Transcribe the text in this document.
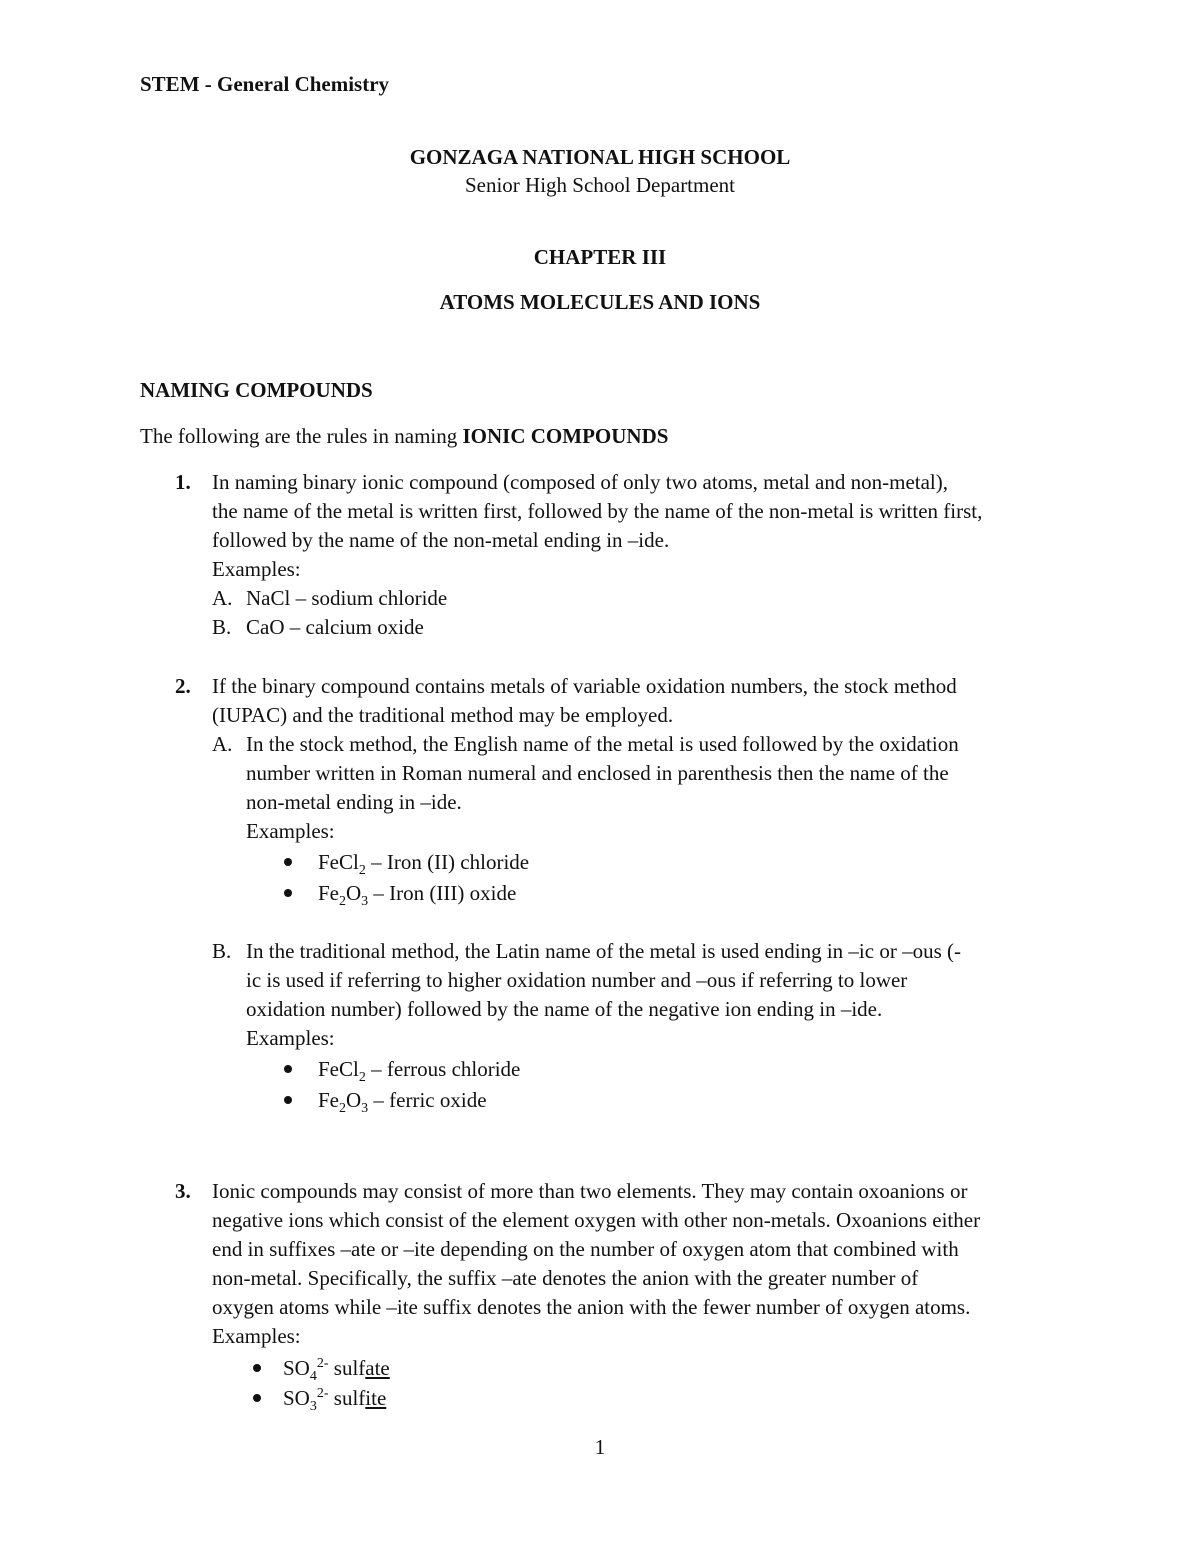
STEM - General Chemistry
GONZAGA NATIONAL HIGH SCHOOL
Senior High School Department
CHAPTER III
ATOMS MOLECULES AND IONS
NAMING COMPOUNDS
The following are the rules in naming IONIC COMPOUNDS
1. In naming binary ionic compound (composed of only two atoms, metal and non-metal),
the name of the metal is written first, followed by the name of the non-metal is written first,
followed by the name of the non-metal ending in –ide.
Examples:
A. NaCl – sodium chloride
B. CaO – calcium oxide
2. If the binary compound contains metals of variable oxidation numbers, the stock method
(IUPAC) and the traditional method may be employed.
A. In the stock method, the English name of the metal is used followed by the oxidation
number written in Roman numeral and enclosed in parenthesis then the name of the
non-metal ending in –ide.
Examples:
FeCl$_2$ – Iron (II) chloride
$Fe_2O_3$ – Iron (III) oxide
B. In the traditional method, the Latin name of the metal is used ending in –ic or –ous (-
ic is used if referring to higher oxidation number and –ous if referring to lower
oxidation number) followed by the name of the negative ion ending in –ide.
Examples:
FeCl$_2$ – ferrous chloride
$Fe_2O_3$ – ferric oxide
3. Ionic compounds may consist of more than two elements. They may contain oxoanions or
negative ions which consist of the element oxygen with other non-metals. Oxoanions either
end in suffixes –ate or –ite depending on the number of oxygen atom that combined with
non-metal. Specifically, the suffix –ate denotes the anion with the greater number of
oxygen atoms while –ite suffix denotes the anion with the fewer number of oxygen atoms.
Examples:
$SO_4^{2-}$ sulfate
$SO_3^{2-}$ sulfite
1
